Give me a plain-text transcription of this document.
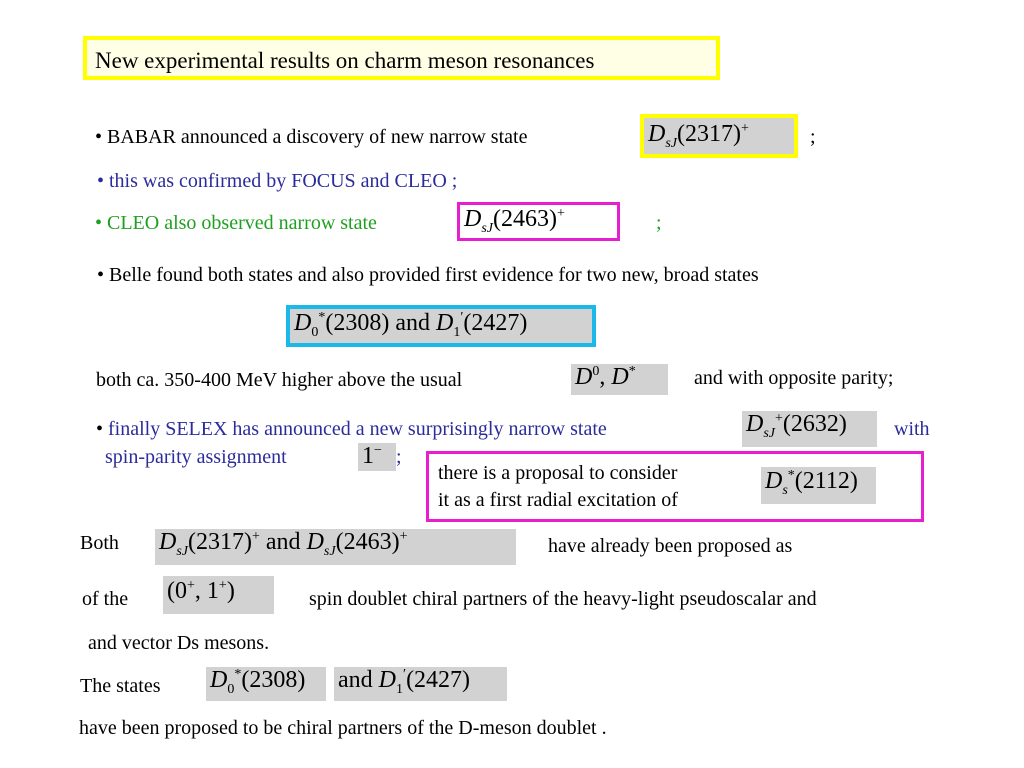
New experimental results on charm meson resonances
• BABAR announced a discovery of new narrow state	$D_{sJ}(2317)^+$	;
• this was confirmed by FOCUS and CLEO ;
• CLEO also observed narrow state	$D_{sJ}(2463)^+$	;
• Belle found both states and also provided first evidence for two new, broad states
$D_0^*(2308)$ and $D_1'(2427)$
both ca. 350-400 MeV higher above the usual	$D^0$, D*	and with opposite parity;
• finally SELEX has announced a new surprisingly narrow state	$D_{sJ}^+(2632)$	with
spin-parity assignment	1− ;
there is a proposal to consider
it as a first radial excitation of
$D_s^*(2112)$
Both $D_{sJ}(2317)^+$ and $D_{sJ}(2463)^+$	have already been proposed as
of the (0+, 1+)	spin doublet chiral partners of the heavy-light pseudoscalar and
and vector Ds mesons.
The states $D_0^*(2308)$	and $D_1'(2427)$
have been proposed to be chiral partners of the D-meson doublet .
